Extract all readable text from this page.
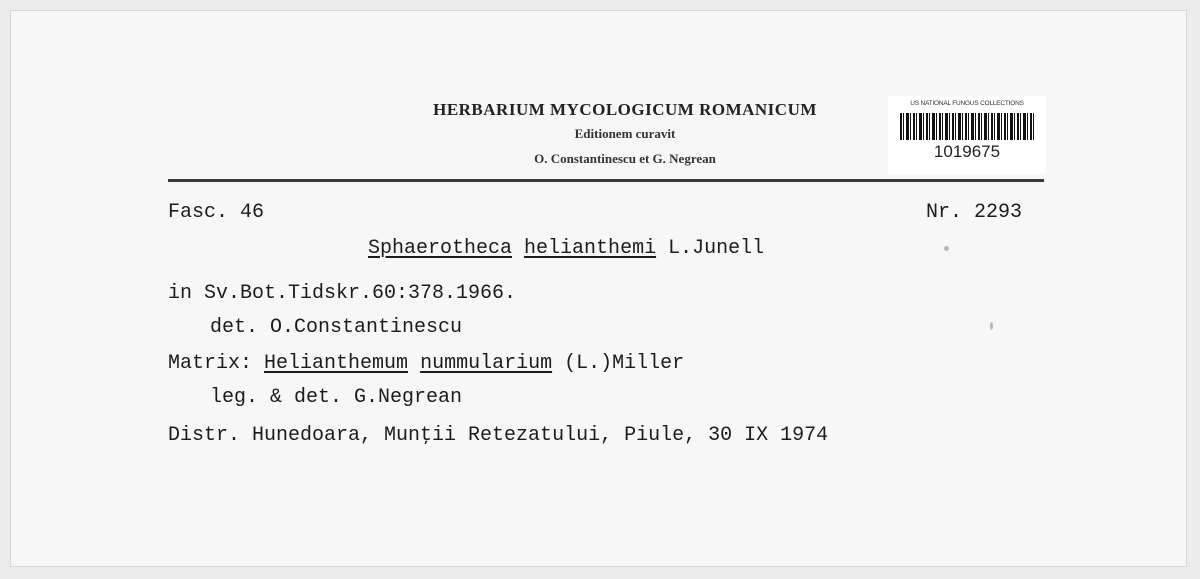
HERBARIUM MYCOLOGICUM ROMANICUM
Editionem curavit
O. Constantinescu et G. Negrean
US NATIONAL FUNGUS COLLECTIONS
1019675
Fasc. 46	Nr. 2293
Sphaerotheca helianthemi L.Junell
in Sv.Bot.Tidskr.60:378.1966.
det. O.Constantinescu
Matrix: Helianthemum nummularium (L.)Miller
leg. & det. G.Negrean
Distr. Hunedoara, Munţii Retezatului, Piule, 30 IX 1974
